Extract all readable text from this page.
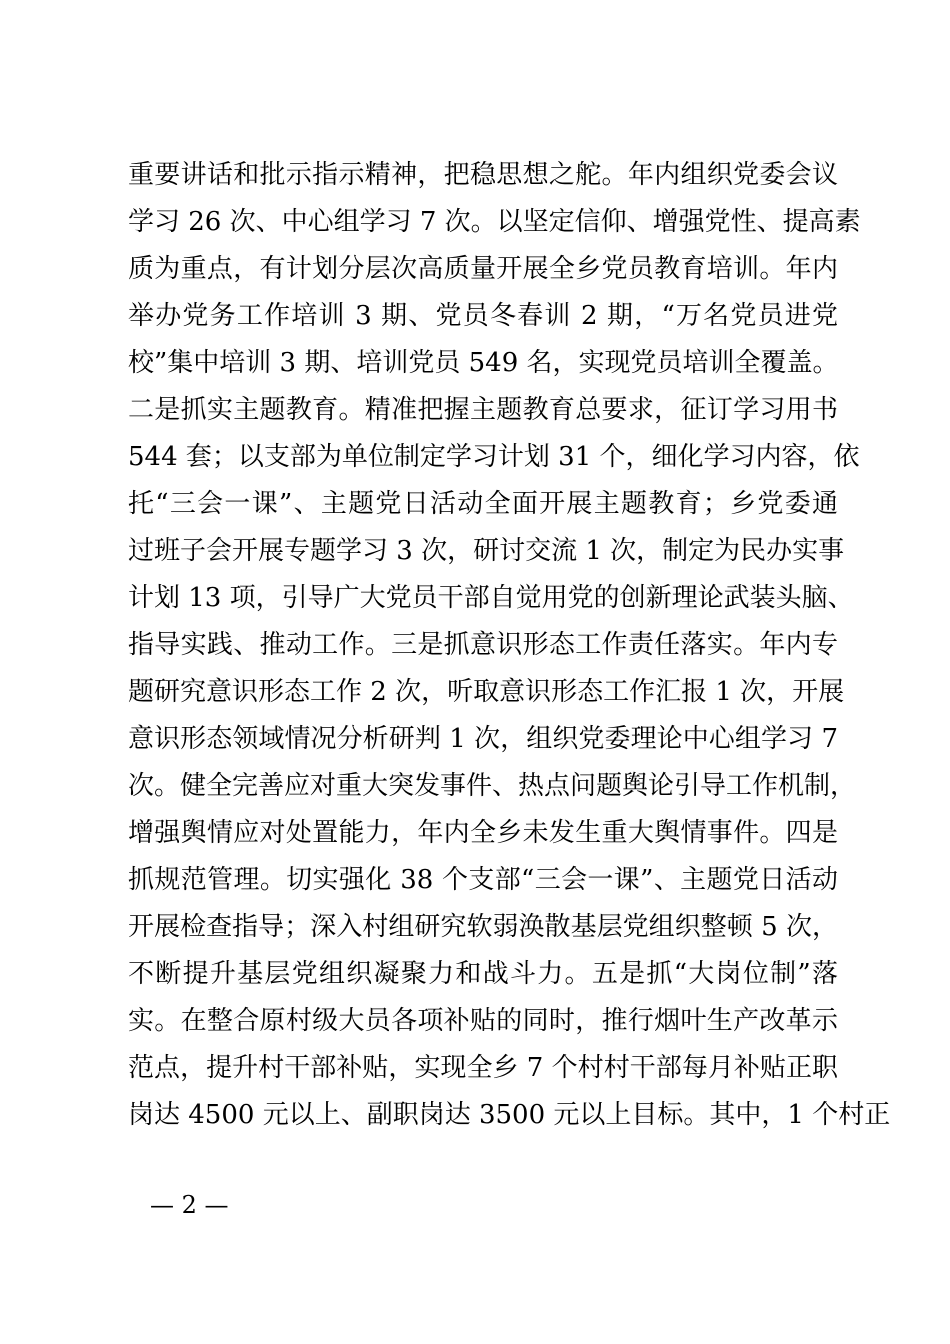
重要讲话和批示指示精神，把稳思想之舵。年内组织党委会议
学习 26 次、中心组学习 7 次。以坚定信仰、增强党性、提高素
质为重点，有计划分层次高质量开展全乡党员教育培训。年内
举办党务工作培训 3 期、党员冬春训 2 期，“万名党员进党
校”集中培训 3 期、培训党员 549 名，实现党员培训全覆盖。
二是抓实主题教育。精准把握主题教育总要求，征订学习用书
544 套；以支部为单位制定学习计划 31 个，细化学习内容，依
托“三会一课”、主题党日活动全面开展主题教育；乡党委通
过班子会开展专题学习 3 次，研讨交流 1 次，制定为民办实事
计划 13 项，引导广大党员干部自觉用党的创新理论武装头脑、
指导实践、推动工作。三是抓意识形态工作责任落实。年内专
题研究意识形态工作 2 次，听取意识形态工作汇报 1 次，开展
意识形态领域情况分析研判 1 次，组织党委理论中心组学习 7
次。健全完善应对重大突发事件、热点问题舆论引导工作机制，
增强舆情应对处置能力，年内全乡未发生重大舆情事件。四是
抓规范管理。切实强化 38 个支部“三会一课”、主题党日活动
开展检查指导；深入村组研究软弱涣散基层党组织整顿 5 次，
不断提升基层党组织凝聚力和战斗力。五是抓“大岗位制”落
实。在整合原村级大员各项补贴的同时，推行烟叶生产改革示
范点，提升村干部补贴，实现全乡 7 个村村干部每月补贴正职
岗达 4500 元以上、副职岗达 3500 元以上目标。其中，1 个村正
— 2 —
